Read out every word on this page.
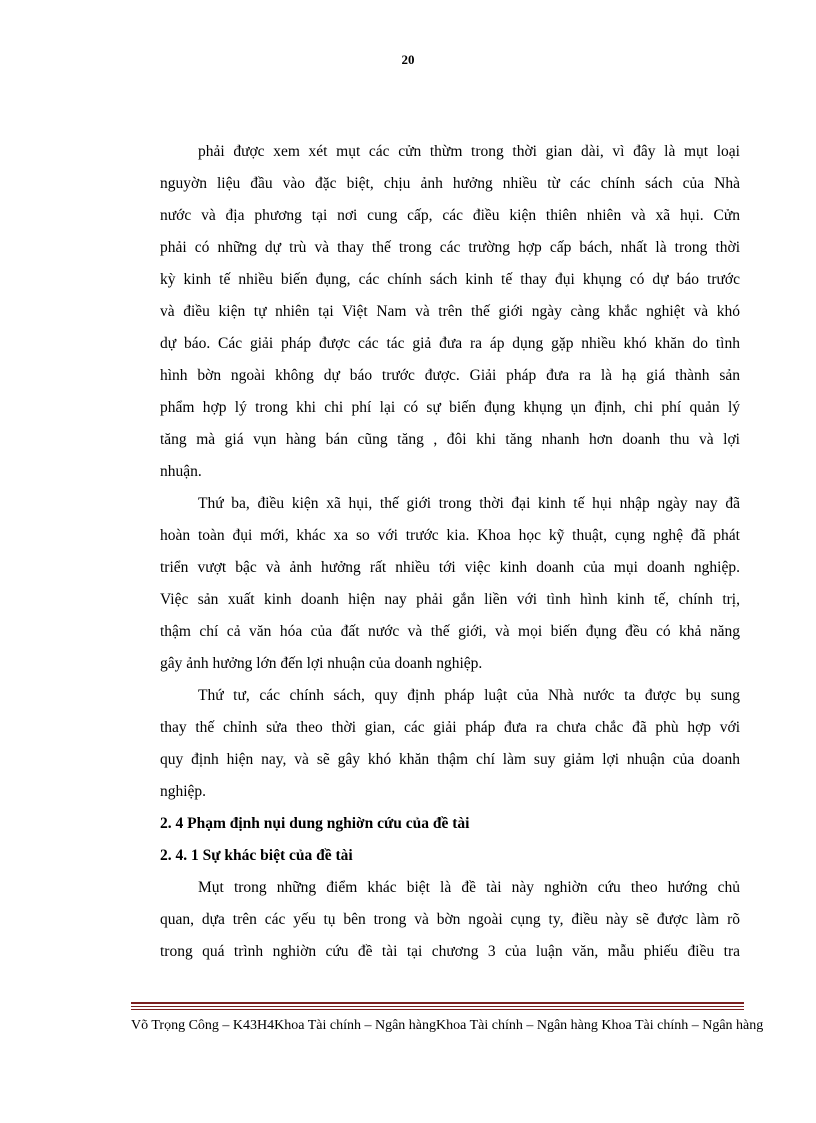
20
phải được xem xét mụt các cửn thừm trong thời gian dài, vì đây là mụt loại
nguyờn liệu đầu vào đặc biệt, chịu ảnh hưởng nhiều từ các chính sách của Nhà
nước và địa phương tại nơi cung cấp, các điều kiện thiên nhiên và xã hụi. Cửn
phải có những dự trù và thay thế trong các trường hợp cấp bách, nhất là trong thời
kỳ kinh tế nhiều biến đụng, các chính sách kinh tế thay đụi khụng có dự báo trước
và điều kiện tự nhiên tại Việt Nam và trên thế giới ngày càng khắc nghiệt và khó
dự báo. Các giải pháp được các tác giả đưa ra áp dụng gặp nhiều khó khăn do tình
hình bờn ngoài không dự báo trước được. Giải pháp đưa ra là hạ giá thành sản
phẩm hợp lý trong khi chi phí lại có sự biến đụng khụng ụn định, chi phí quản lý
tăng mà giá vụn hàng bán cũng tăng , đôi khi tăng nhanh hơn doanh thu và lợi
nhuận.
Thứ ba, điều kiện xã hụi, thế giới trong thời đại kinh tế hụi nhập ngày nay đã
hoàn toàn đụi mới, khác xa so với trước kia. Khoa học kỹ thuật, cụng nghệ đã phát
triển vượt bậc và ảnh hưởng rất nhiều tới việc kinh doanh của mụi doanh nghiệp.
Việc sản xuất kinh doanh hiện nay phải gắn liền với tình hình kinh tế, chính trị,
thậm chí cả văn hóa của đất nước và thế giới, và mọi biến đụng đều có khả năng
gây ảnh hưởng lớn đến lợi nhuận của doanh nghiệp.
Thứ tư, các chính sách, quy định pháp luật của Nhà nước ta được bụ sung
thay thế chỉnh sửa theo thời gian, các giải pháp đưa ra chưa chắc đã phù hợp với
quy định hiện nay, và sẽ gây khó khăn thậm chí làm suy giảm lợi nhuận của doanh
nghiệp.
2. 4 Phạm định nụi dung nghiờn cứu của đề tài
2. 4. 1 Sự khác biệt của đề tài
Mụt trong những điểm khác biệt là đề tài này nghiờn cứu theo hướng chủ
quan, dựa trên các yếu tụ bên trong và bờn ngoài cụng ty, điều này sẽ được làm rõ
trong quá trình nghiờn cứu đề tài tại chương 3 của luận văn, mẫu phiếu điều tra
Võ Trọng Công – K43H4Khoa Tài chính – Ngân hàngKhoa Tài chính – Ngân hàng Khoa Tài chính – Ngân hàng
